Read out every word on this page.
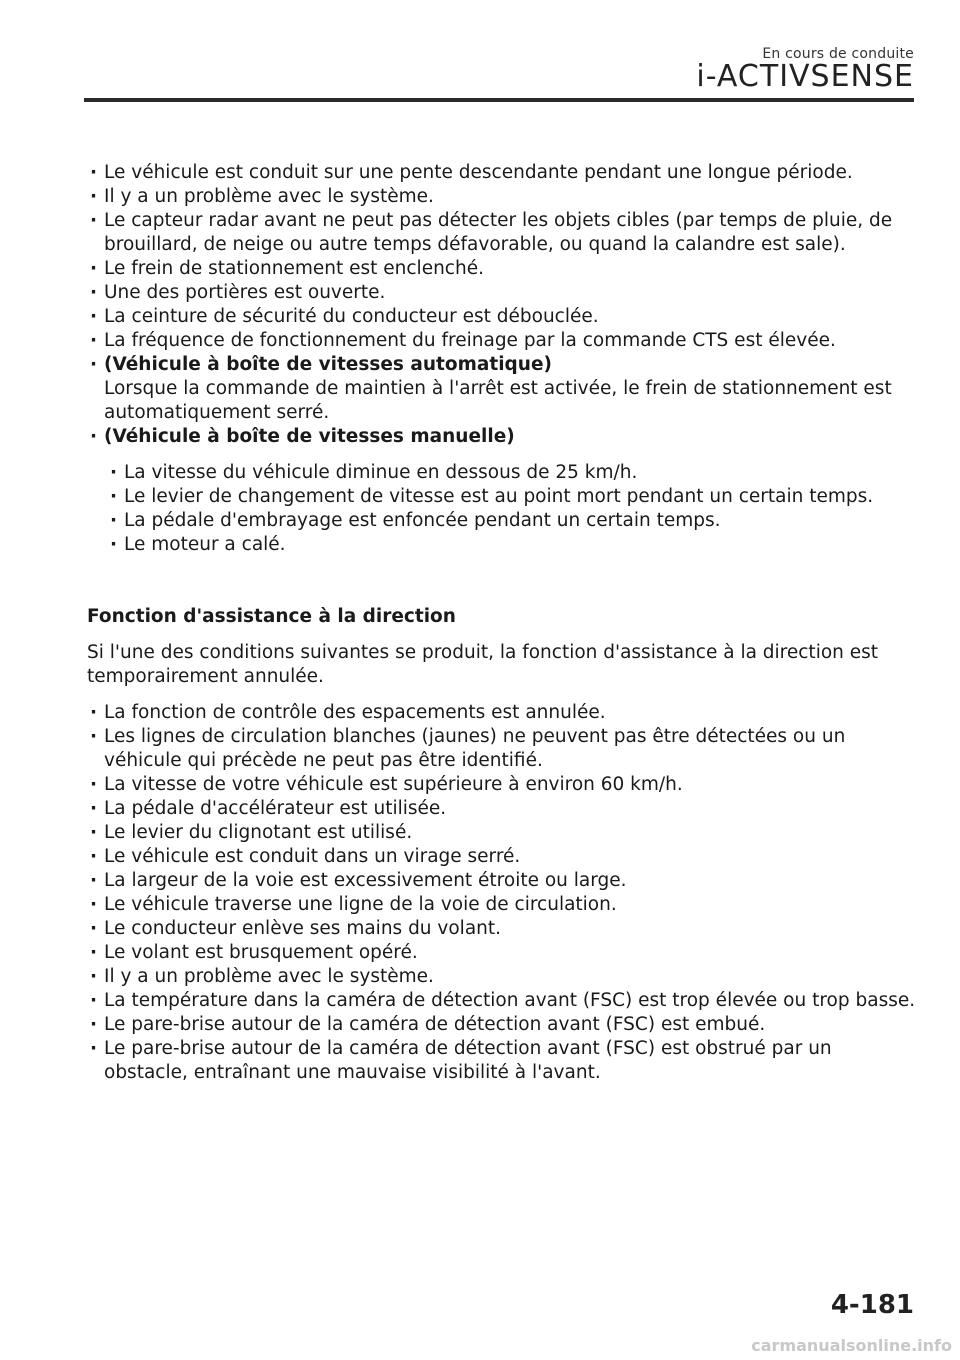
En cours de conduite
i-ACTIVSENSE
· Le véhicule est conduit sur une pente descendante pendant une longue période.
· Il y a un problème avec le système.
· Le capteur radar avant ne peut pas détecter les objets cibles (par temps de pluie, de brouillard, de neige ou autre temps défavorable, ou quand la calandre est sale).
· Le frein de stationnement est enclenché.
· Une des portières est ouverte.
· La ceinture de sécurité du conducteur est débouclée.
· La fréquence de fonctionnement du freinage par la commande CTS est élevée.
· (Véhicule à boîte de vitesses automatique)
Lorsque la commande de maintien à l'arrêt est activée, le frein de stationnement est automatiquement serré.
· (Véhicule à boîte de vitesses manuelle)
· La vitesse du véhicule diminue en dessous de 25 km/h.
· Le levier de changement de vitesse est au point mort pendant un certain temps.
· La pédale d'embrayage est enfoncée pendant un certain temps.
· Le moteur a calé.
Fonction d'assistance à la direction
Si l'une des conditions suivantes se produit, la fonction d'assistance à la direction est temporairement annulée.
· La fonction de contrôle des espacements est annulée.
· Les lignes de circulation blanches (jaunes) ne peuvent pas être détectées ou un véhicule qui précède ne peut pas être identifié.
· La vitesse de votre véhicule est supérieure à environ 60 km/h.
· La pédale d'accélérateur est utilisée.
· Le levier du clignotant est utilisé.
· Le véhicule est conduit dans un virage serré.
· La largeur de la voie est excessivement étroite ou large.
· Le véhicule traverse une ligne de la voie de circulation.
· Le conducteur enlève ses mains du volant.
· Le volant est brusquement opéré.
· Il y a un problème avec le système.
· La température dans la caméra de détection avant (FSC) est trop élevée ou trop basse.
· Le pare-brise autour de la caméra de détection avant (FSC) est embué.
· Le pare-brise autour de la caméra de détection avant (FSC) est obstrué par un obstacle, entraînant une mauvaise visibilité à l'avant.
4-181
carmanualsonline.info
